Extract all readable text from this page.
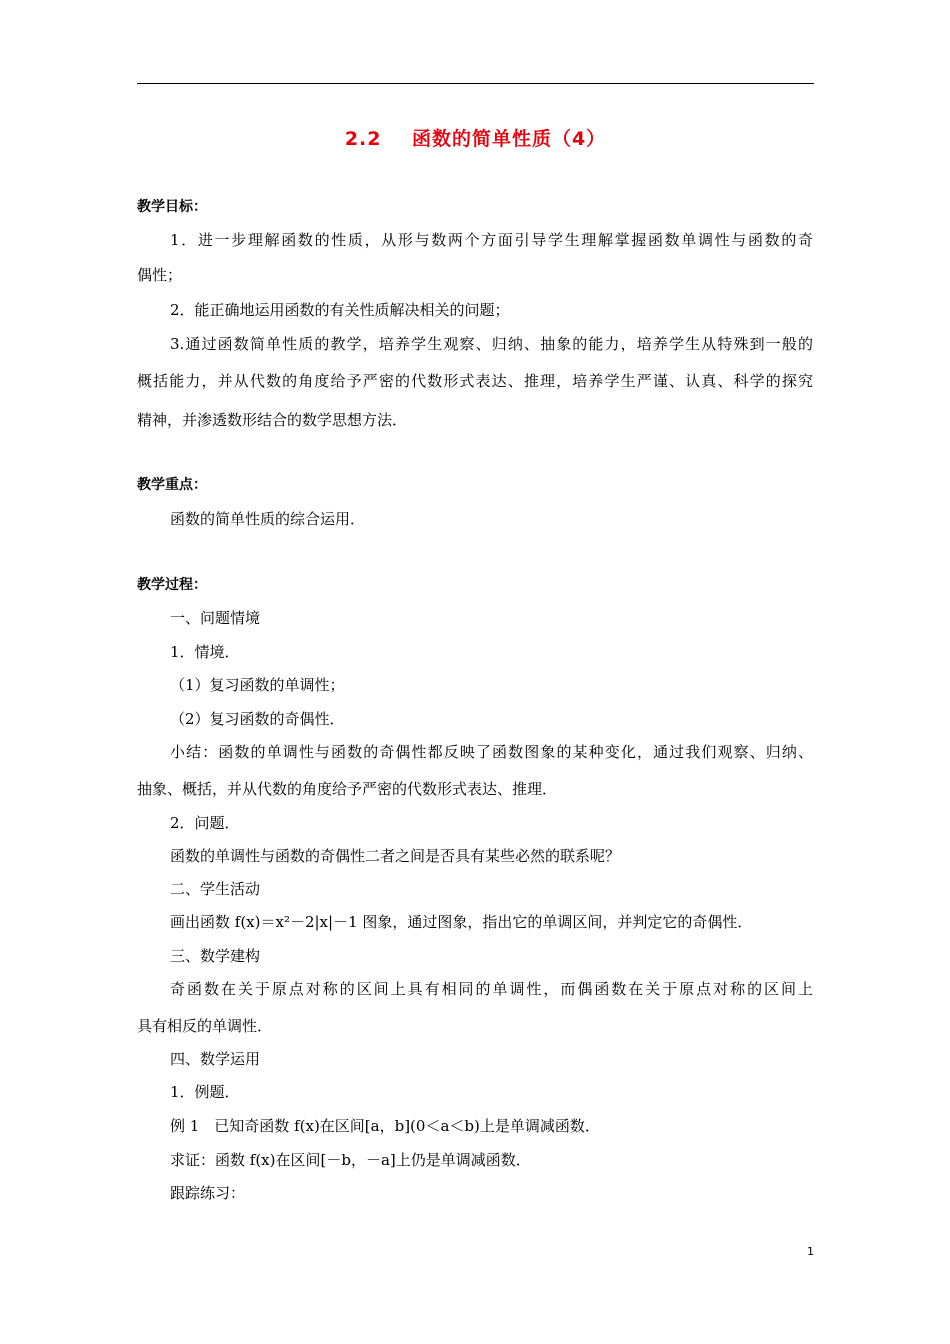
2.2    函数的简单性质（4）
教学目标：
1．进一步理解函数的性质，从形与数两个方面引导学生理解掌握函数单调性与函数的奇
偶性；
2．能正确地运用函数的有关性质解决相关的问题；
3.通过函数简单性质的教学，培养学生观察、归纳、抽象的能力，培养学生从特殊到一般的
概括能力，并从代数的角度给予严密的代数形式表达、推理，培养学生严谨、认真、科学的探究
精神，并渗透数形结合的数学思想方法．
教学重点：
函数的简单性质的综合运用．
教学过程：
一、问题情境
1．情境．
（1）复习函数的单调性；
（2）复习函数的奇偶性．
小结：函数的单调性与函数的奇偶性都反映了函数图象的某种变化，通过我们观察、归纳、
抽象、概括，并从代数的角度给予严密的代数形式表达、推理．
2．问题．
函数的单调性与函数的奇偶性二者之间是否具有某些必然的联系呢？
二、学生活动
画出函数 f(x)＝x²－2|x|－1 图象，通过图象，指出它的单调区间，并判定它的奇偶性．
三、数学建构
奇函数在关于原点对称的区间上具有相同的单调性，而偶函数在关于原点对称的区间上
具有相反的单调性．
四、数学运用
1．例题．
例 1　已知奇函数 f(x)在区间[a，b](0＜a＜b)上是单调减函数．
求证：函数 f(x)在区间[－b，－a]上仍是单调减函数．
跟踪练习：
1
